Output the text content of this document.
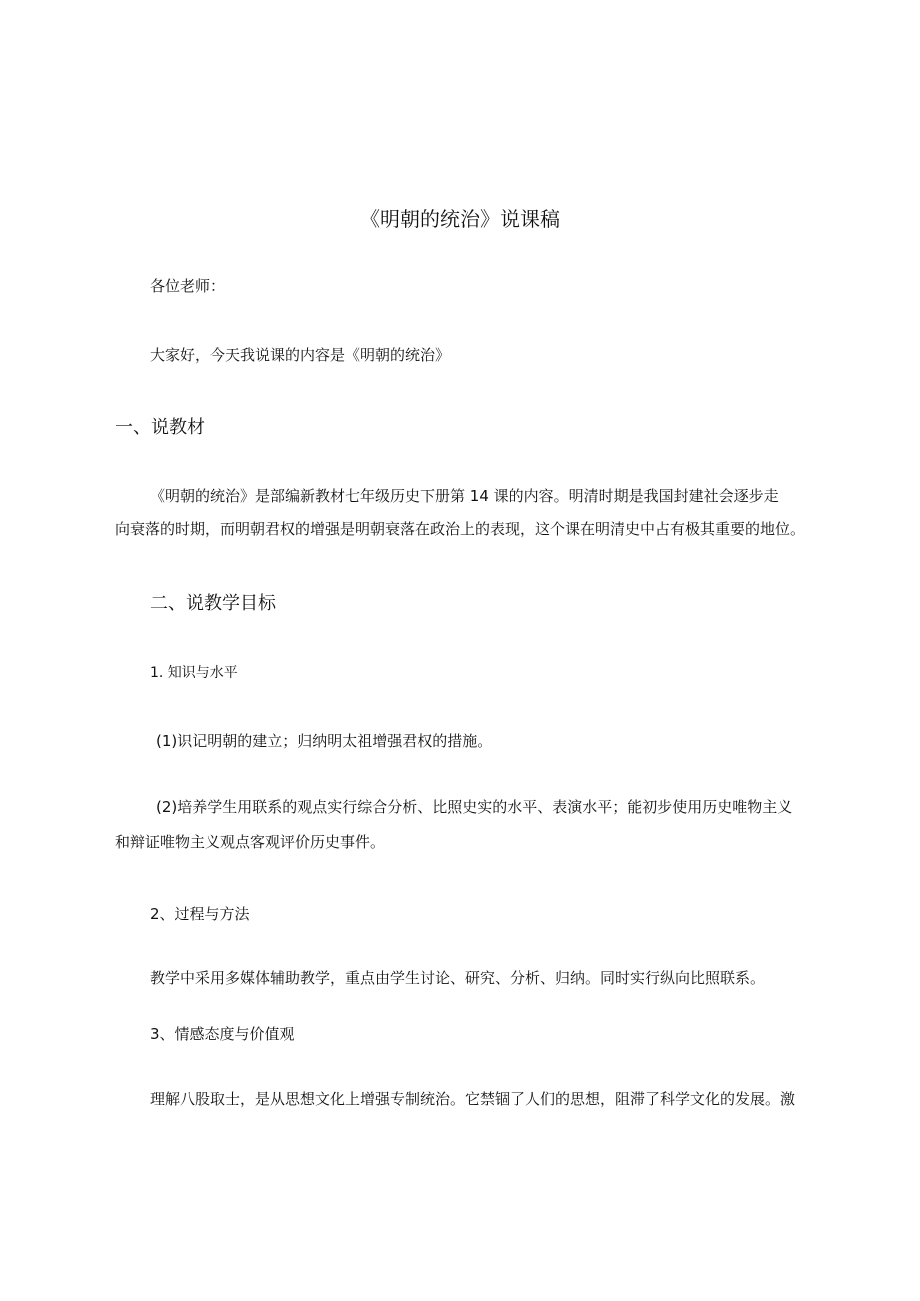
《明朝的统治》说课稿
各位老师：
大家好，今天我说课的内容是《明朝的统治》
一、说教材
《明朝的统治》是部编新教材七年级历史下册第 14 课的内容。明清时期是我国封建社会逐步走
向衰落的时期，而明朝君权的增强是明朝衰落在政治上的表现，这个课在明清史中占有极其重要的地位。
二、说教学目标
1. 知识与水平
(1)识记明朝的建立；归纳明太祖增强君权的措施。
(2)培养学生用联系的观点实行综合分析、比照史实的水平、表演水平；能初步使用历史唯物主义
和辩证唯物主义观点客观评价历史事件。
2、过程与方法
教学中采用多媒体辅助教学，重点由学生讨论、研究、分析、归纳。同时实行纵向比照联系。
3、情感态度与价值观
理解八股取士，是从思想文化上增强专制统治。它禁锢了人们的思想，阻滞了科学文化的发展。激
